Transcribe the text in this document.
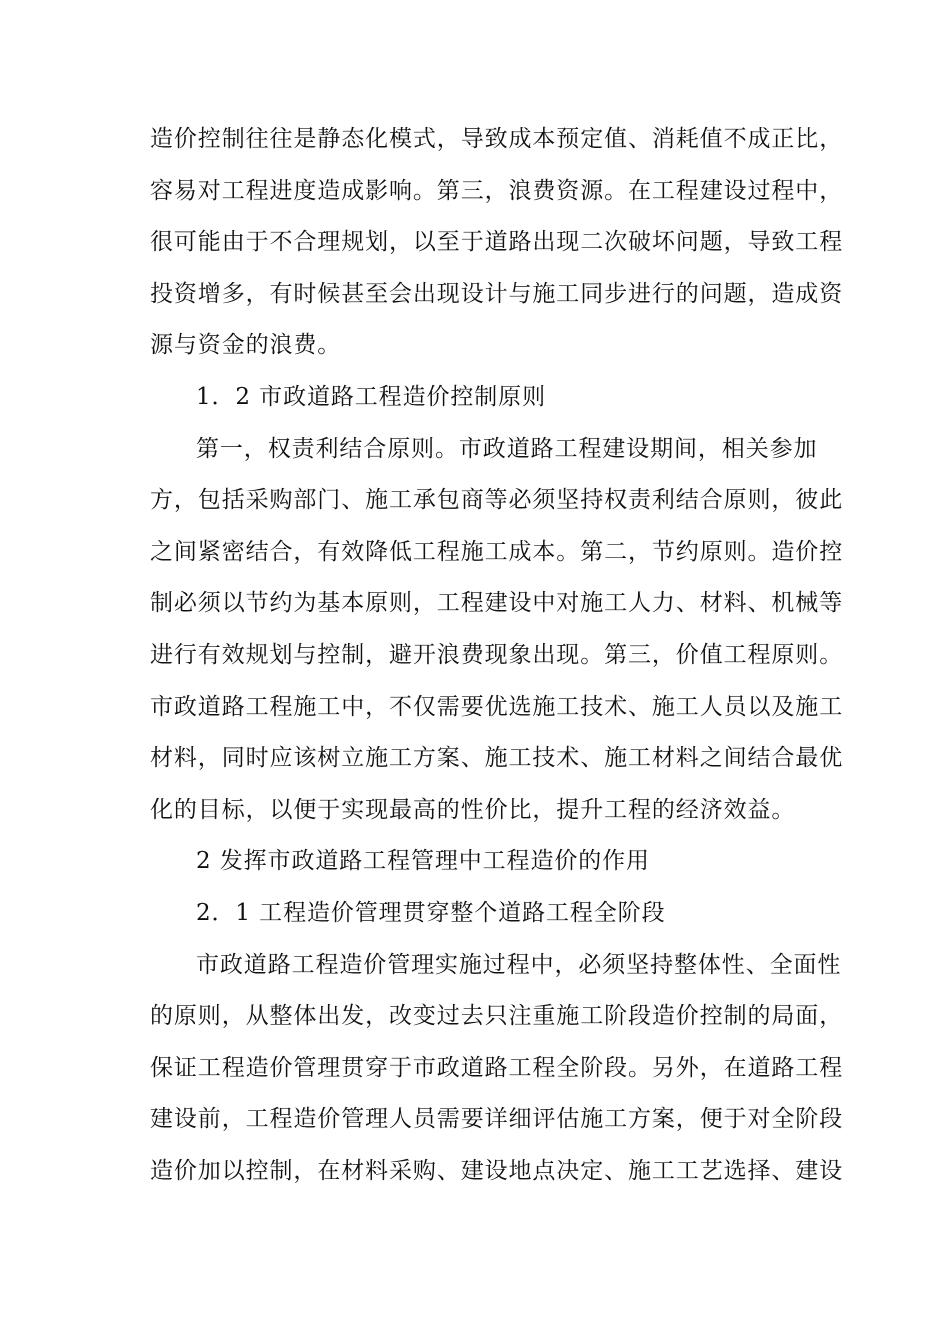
造价控制往往是静态化模式，导致成本预定值、消耗值不成正比，
容易对工程进度造成影响。第三，浪费资源。在工程建设过程中，
很可能由于不合理规划，以至于道路出现二次破坏问题，导致工程
投资增多，有时候甚至会出现设计与施工同步进行的问题，造成资
源与资金的浪费。
1．2 市政道路工程造价控制原则
第一，权责利结合原则。市政道路工程建设期间，相关参加
方，包括采购部门、施工承包商等必须坚持权责利结合原则，彼此
之间紧密结合，有效降低工程施工成本。第二，节约原则。造价控
制必须以节约为基本原则，工程建设中对施工人力、材料、机械等
进行有效规划与控制，避开浪费现象出现。第三，价值工程原则。
市政道路工程施工中，不仅需要优选施工技术、施工人员以及施工
材料，同时应该树立施工方案、施工技术、施工材料之间结合最优
化的目标，以便于实现最高的性价比，提升工程的经济效益。
2 发挥市政道路工程管理中工程造价的作用
2．1 工程造价管理贯穿整个道路工程全阶段
市政道路工程造价管理实施过程中，必须坚持整体性、全面性
的原则，从整体出发，改变过去只注重施工阶段造价控制的局面，
保证工程造价管理贯穿于市政道路工程全阶段。另外，在道路工程
建设前，工程造价管理人员需要详细评估施工方案，便于对全阶段
造价加以控制，在材料采购、建设地点决定、施工工艺选择、建设
